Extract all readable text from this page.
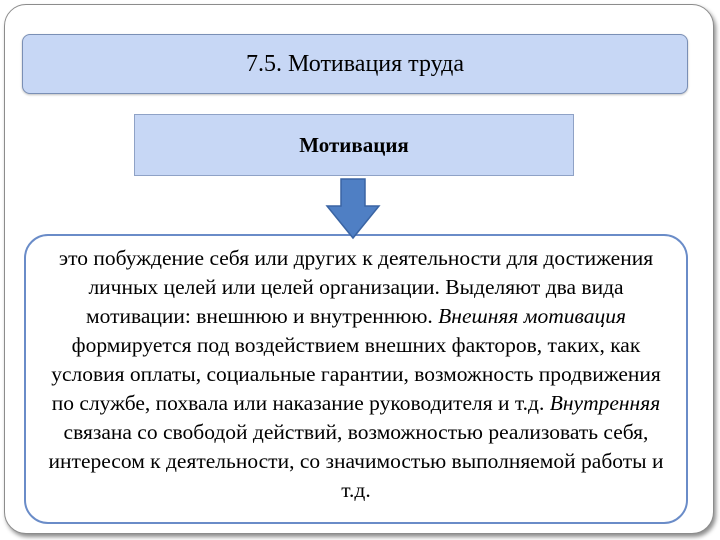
7.5. Мотивация труда
Мотивация

это побуждение себя или других к деятельности для достижения личных целей или целей организации. Выделяют два вида мотивации: внешнюю и внутреннюю. Внешняя мотивация формируется под воздействием внешних факторов, таких, как условия оплаты, социальные гарантии, возможность продвижения по службе, похвала или наказание руководителя и т.д. Внутренняя связана со свободой действий, возможностью реализовать себя, интересом к деятельности, со значимостью выполняемой работы и т.д.
